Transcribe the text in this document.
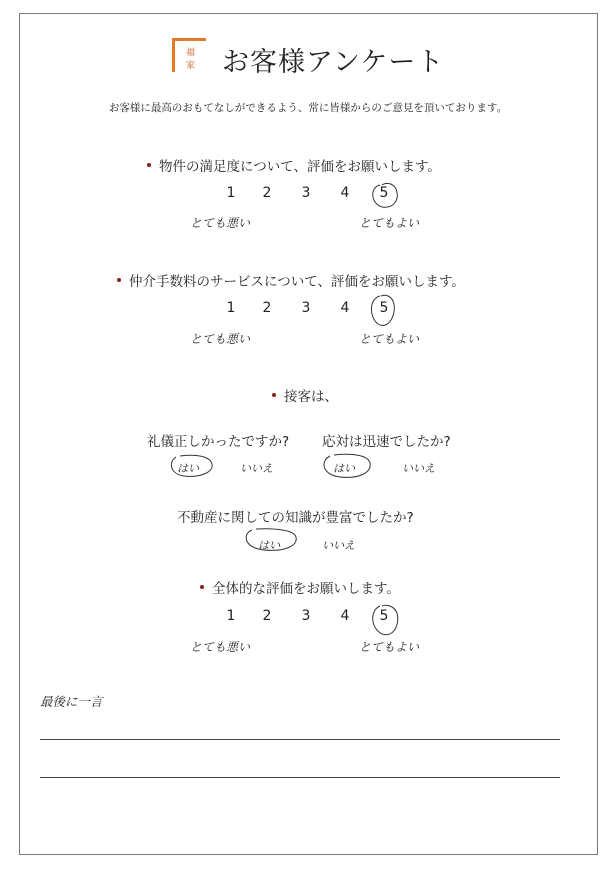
福
家 お客様アンケート
お客様に最高のおもてなしができるよう、常に皆様からのご意見を頂いております。
物件の満足度について、評価をお願いします。
1	2	3	4	5
とても悪い	とてもよい
仲介手数料のサービスについて、評価をお願いします。
1	2	3	4	5
とても悪い	とてもよい
接客は、
礼儀正しかったですか? 応対は迅速でしたか?
はい	いいえ	はい	いいえ
不動産に関しての知識が豊富でしたか?
はい	いいえ
全体的な評価をお願いします。
1	2	3	4	5
とても悪い	とてもよい
最後に一言
